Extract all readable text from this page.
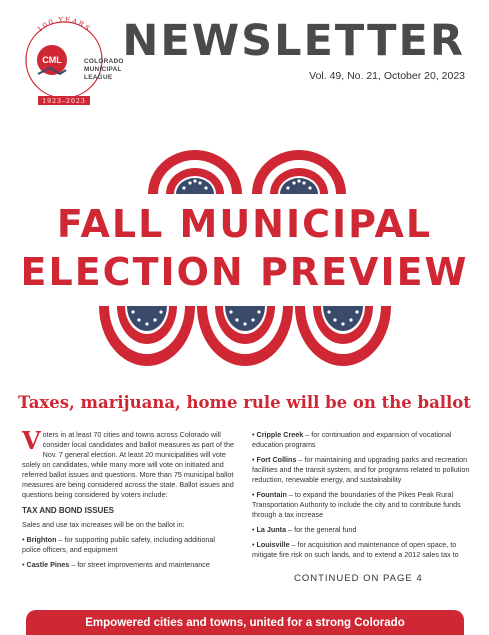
100 YEARS
CML
1923–2023
COLORADO
MUNICIPAL
LEAGUE
NEWSLETTER
Vol. 49, No. 21, October 20, 2023
FALL MUNICIPAL
ELECTION PREVIEW
Taxes, marijuana, home rule will be on the ballot
Voters in at least 70 cities and towns across Colorado will consider local candidates and ballot measures as part of the Nov. 7 general election. At least 20 municipalities will vote solely on candidates, while many more will vote on initiated and referred ballot issues and questions. More than 75 municipal ballot measures are being considered across the state. Ballot issues and questions being considered by voters include:
TAX AND BOND ISSUES
Sales and use tax increases will be on the ballot in:
• Brighton – for supporting public safety, including additional police officers, and equipment
• Castle Pines – for street improvements and maintenance
• Cripple Creek – for continuation and expansion of vocational education programs
• Fort Collins – for maintaining and upgrading parks and recreation facilities and the transit system, and for programs related to pollution reduction, renewable energy, and sustainability
• Fountain – to expand the boundaries of the Pikes Peak Rural Transportation Authority to include the city and to contribute funds through a tax increase
• La Junta – for the general fund
• Louisville – for acquisition and maintenance of open space, to mitigate fire risk on such lands, and to extend a 2012 sales tax to
CONTINUED ON PAGE 4
Empowered cities and towns, united for a strong Colorado
